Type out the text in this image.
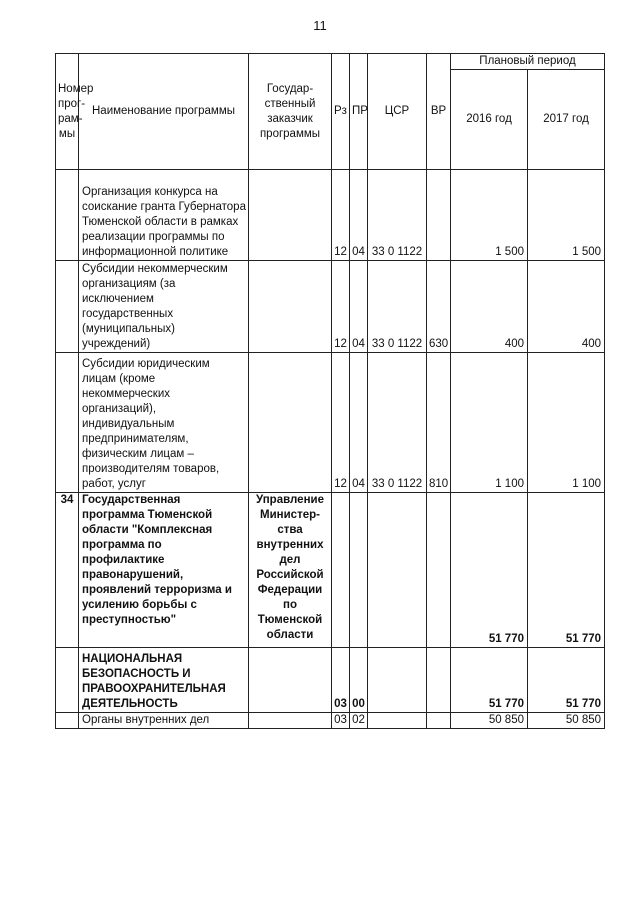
11
Номер прог-рам-мы	Наименование программы	Государ-ственный заказчик программы	Рз	ПР	ЦСР	ВР	Плановый период	
							2016 год	2017 год
	Организация конкурса на соискание гранта Губернатора Тюменской области в рамках реализации программы по информационной политике		12	04	33 0 1122		1 500	1 500
	Субсидии некоммерческим организациям (за исключением государственных (муниципальных) учреждений)		12	04	33 0 1122	630	400	400
	Субсидии юридическим лицам (кроме некоммерческих организаций), индивидуальным предпринимателям, физическим лицам – производителям товаров, работ, услуг		12	04	33 0 1122	810	1 100	1 100
34	Государственная программа Тюменской области "Комплексная программа по профилактике правонарушений, проявлений терроризма и усилению борьбы с преступностью"	Управление Министер-ства внутренних дел Российской Федерации по Тюменской области					51 770	51 770
	НАЦИОНАЛЬНАЯ БЕЗОПАСНОСТЬ И ПРАВООХРАНИТЕЛЬНАЯ ДЕЯТЕЛЬНОСТЬ		03	00			51 770	51 770
	Органы внутренних дел		03	02			50 850	50 850
